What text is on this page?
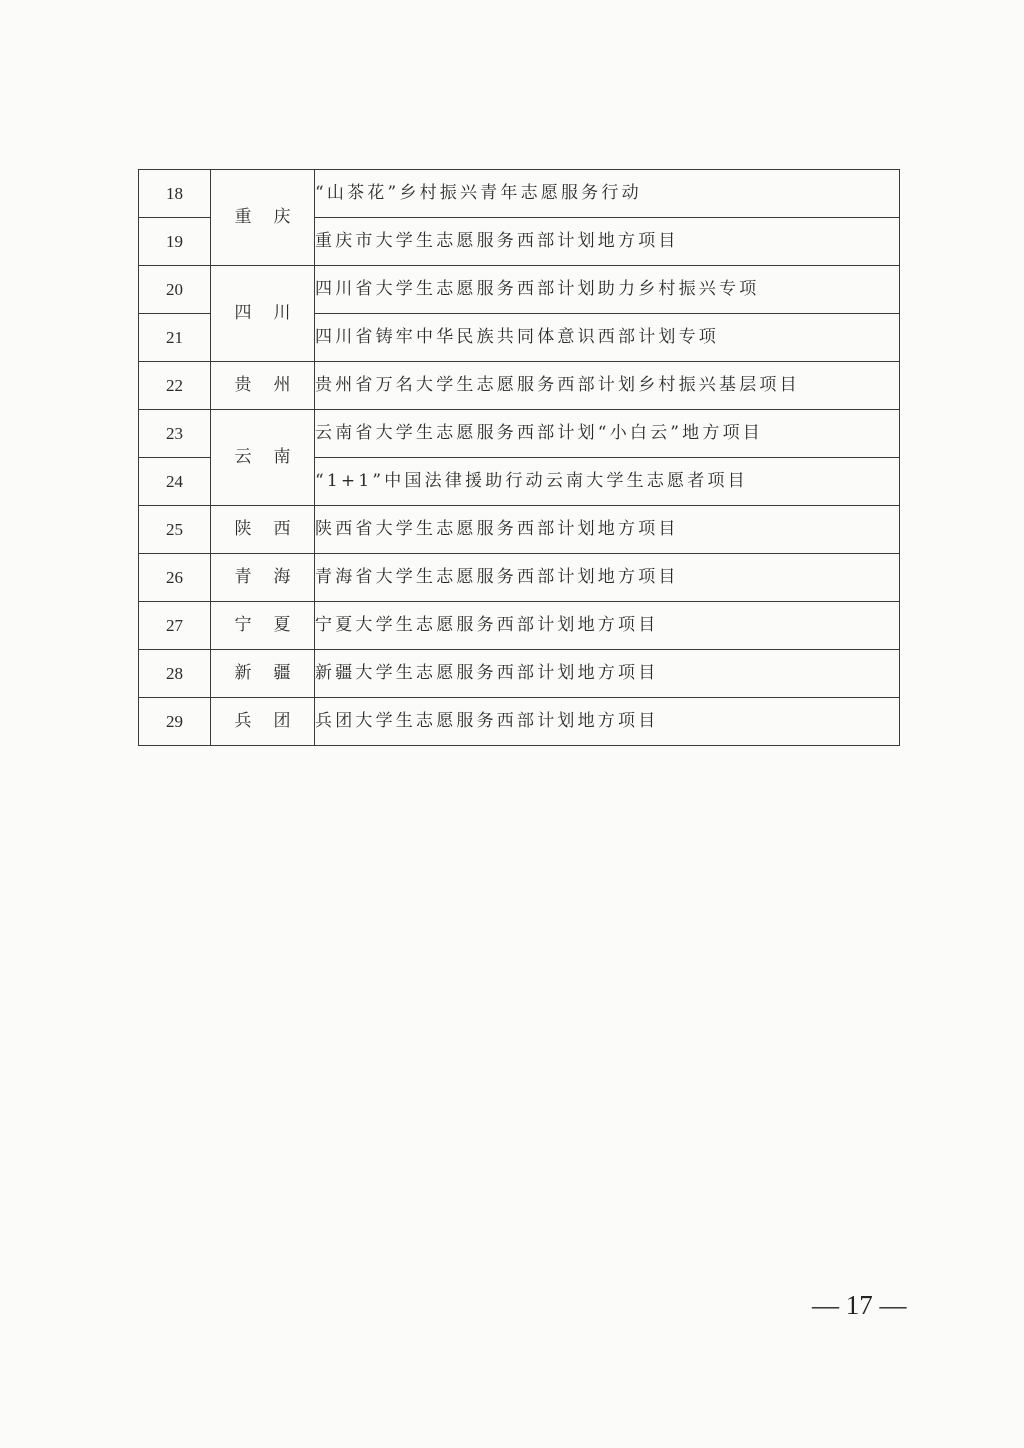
18	重庆	“山茶花”乡村振兴青年志愿服务行动
19		重庆市大学生志愿服务西部计划地方项目
20	四川	四川省大学生志愿服务西部计划助力乡村振兴专项
21		四川省铸牢中华民族共同体意识西部计划专项
22	贵州	贵州省万名大学生志愿服务西部计划乡村振兴基层项目
23	云南	云南省大学生志愿服务西部计划“小白云”地方项目
24		“1+1”中国法律援助行动云南大学生志愿者项目
25	陕西	陕西省大学生志愿服务西部计划地方项目
26	青海	青海省大学生志愿服务西部计划地方项目
27	宁夏	宁夏大学生志愿服务西部计划地方项目
28	新疆	新疆大学生志愿服务西部计划地方项目
29	兵团	兵团大学生志愿服务西部计划地方项目
— 17 —
